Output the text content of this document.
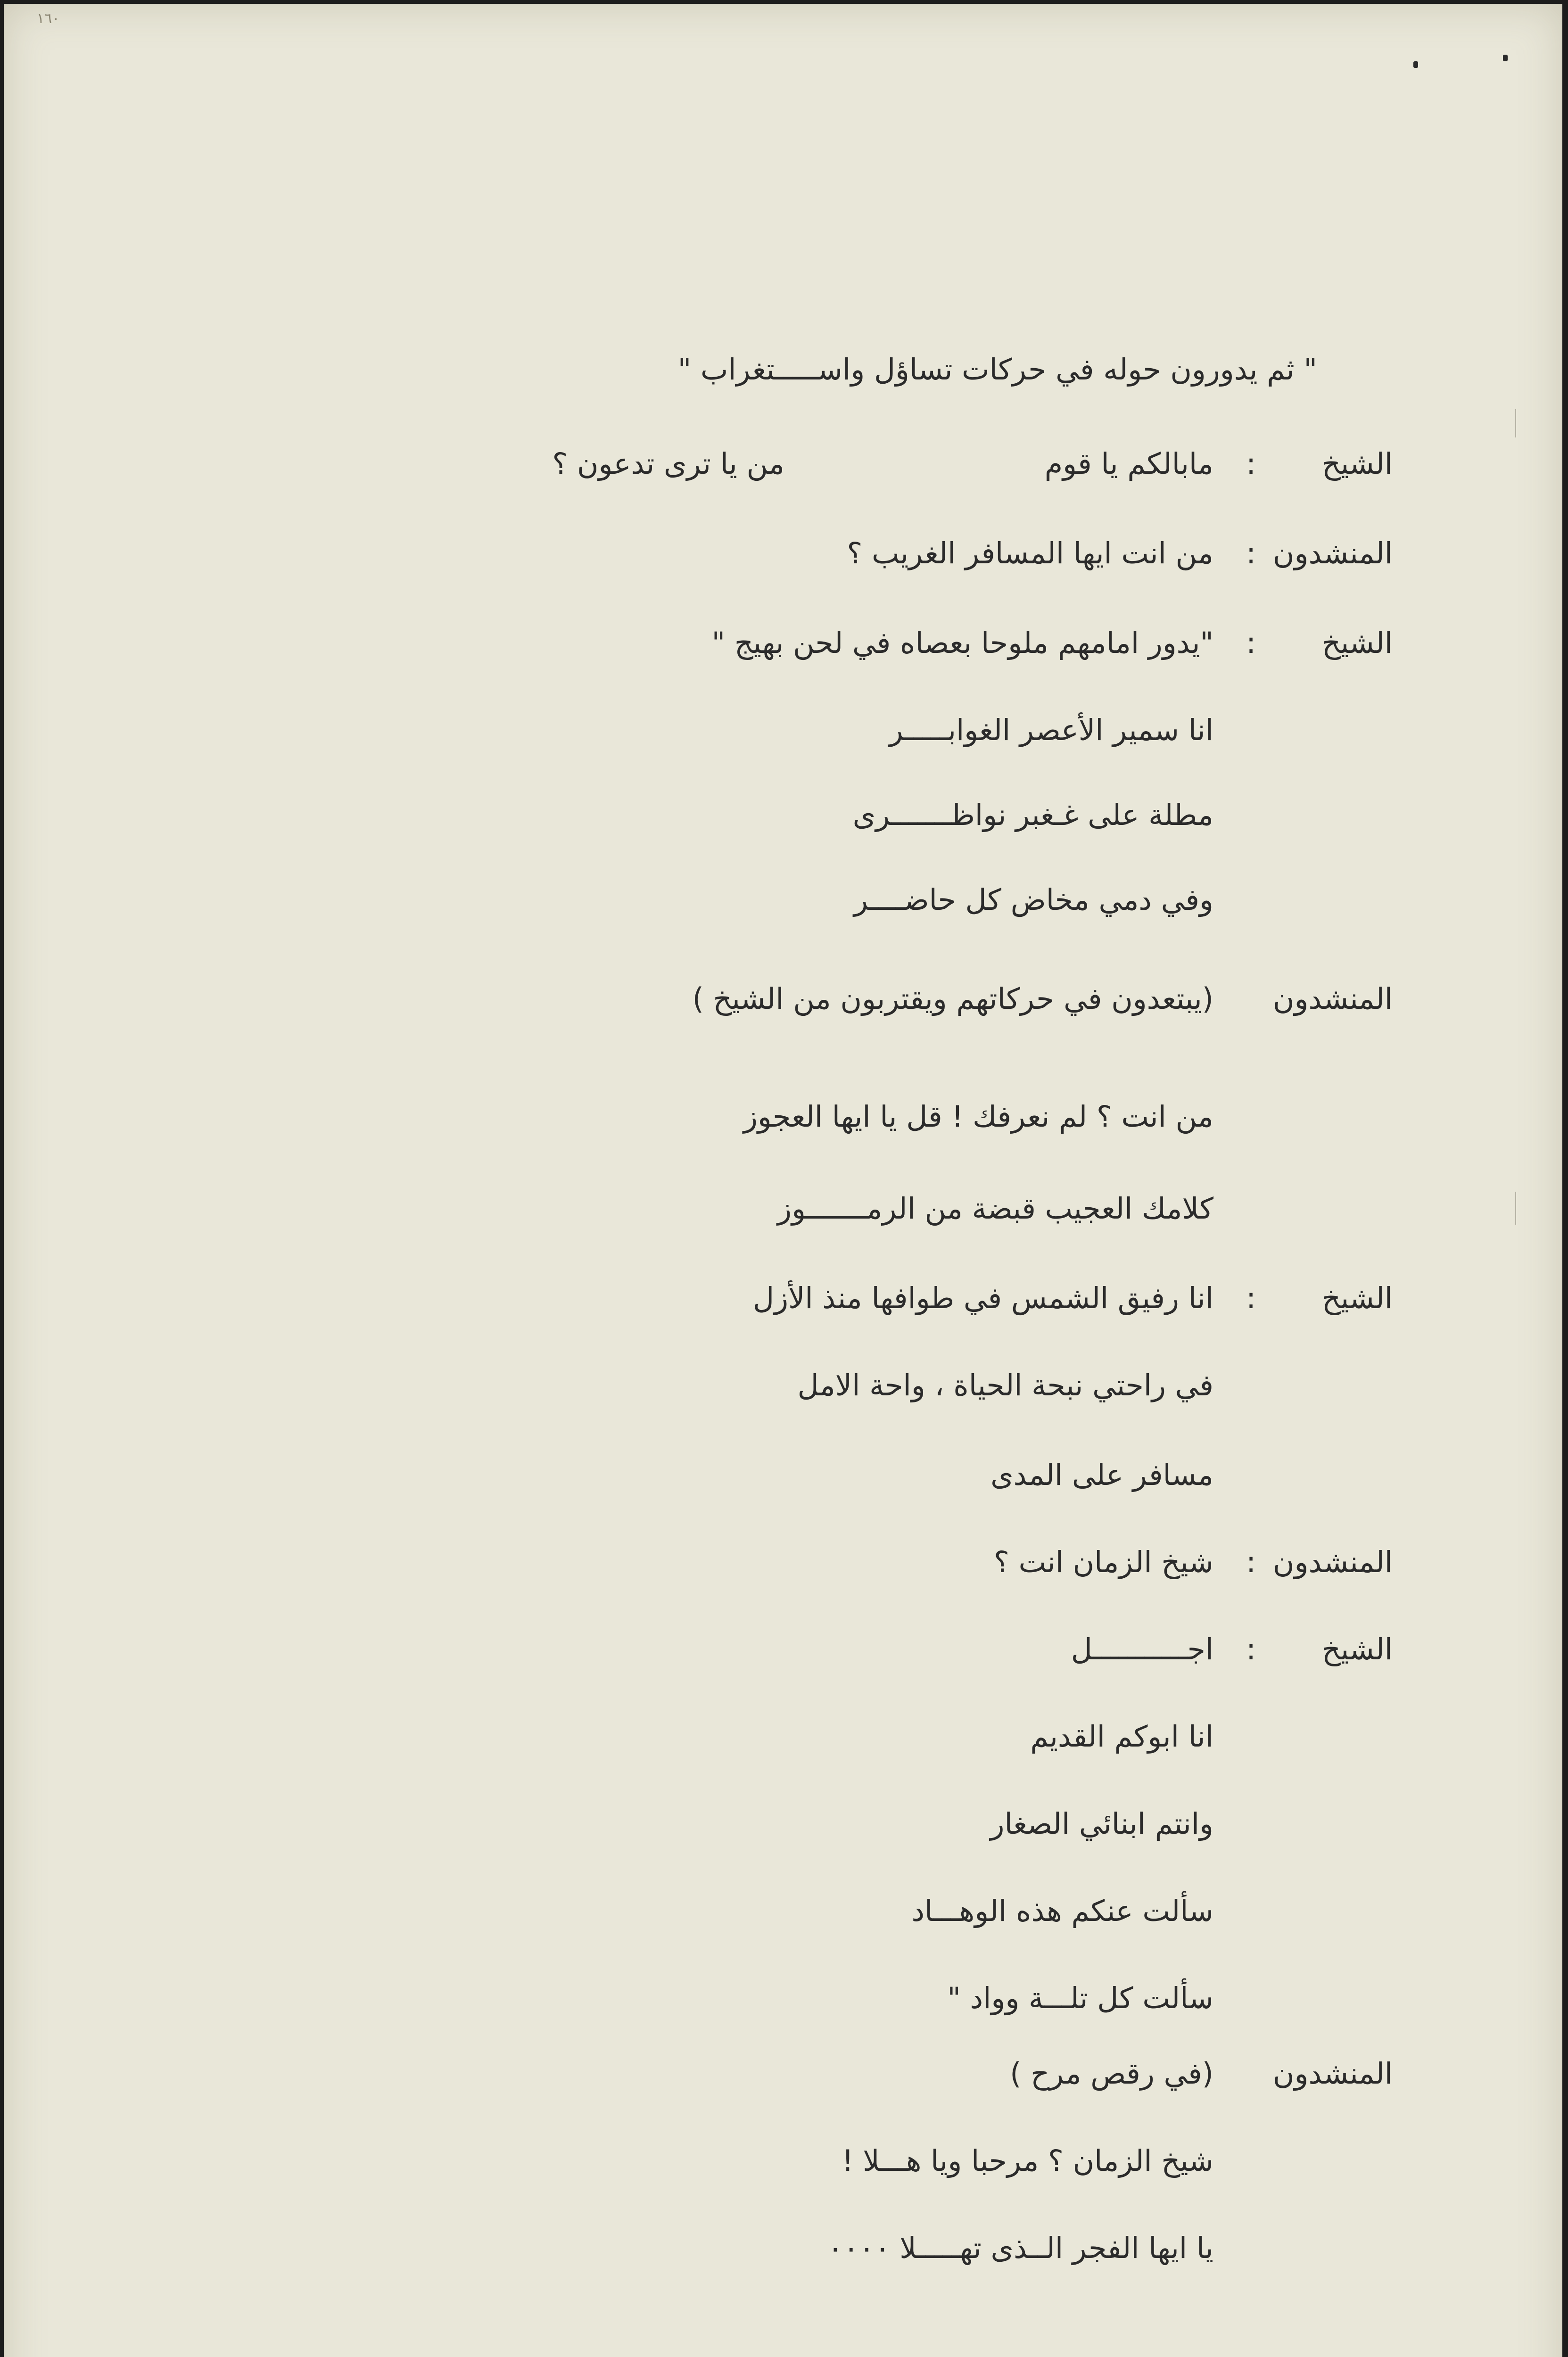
١٦٠
" ثم يدورون حوله في حركات تساؤل واســـــتغراب "
الشيخ
:
مابالكم يا قوم
من يا ترى تدعون ؟
المنشدون
:
من انت ايها المسافر الغريب ؟
الشيخ
:
"يدور امامهم ملوحا بعصاه في لحن بهيج "
انا سمير الأعصر الغوابـــــر
مطلة على غـغبر نواظـــــــرى
وفي دمي مخاض كل حاضــــر
المنشدون
(يبتعدون في حركاتهم ويقتربون من الشيخ )
من انت ؟ لم نعرفك ! قل يا ايها العجوز
كلامك العجيب قبضة من الرمـــــــوز
الشيخ
:
انا رفيق الشمس في طوافها منذ الأزل
في راحتي نبحة الحياة ، واحة الامل
مسافر على المدى
المنشدون
:
شيخ الزمان انت ؟
الشيخ
:
اجـــــــــــل
انا ابوكم القديم
وانتم ابنائي الصغار
سألت عنكم هذه الوهـــاد
سألت كل تلـــة وواد "
المنشدون
(في رقص مرح )
شيخ الزمان ؟ مرحبا ويا هـــلا !
يا ايها الفجر الــذى تهـــــلا ٠٠٠٠
